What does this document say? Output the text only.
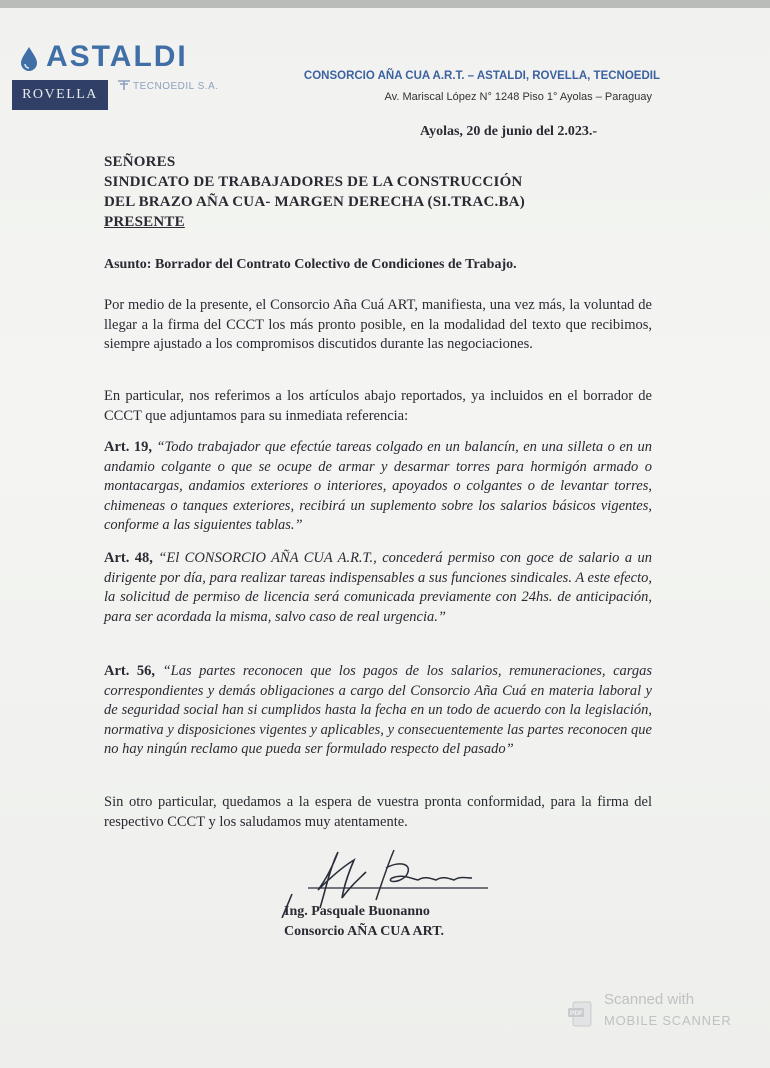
ASTALDI
ROVELLA
TECNOEDIL S.A.
CONSORCIO AÑA CUA A.R.T. – ASTALDI, ROVELLA, TECNOEDIL
Av. Mariscal López N° 1248 Piso 1° Ayolas – Paraguay
Ayolas, 20 de junio del 2.023.-
SEÑORES
SINDICATO DE TRABAJADORES DE LA CONSTRUCCIÓN
DEL BRAZO AÑA CUA- MARGEN DERECHA (SI.TRAC.BA)
PRESENTE
Asunto: Borrador del Contrato Colectivo de Condiciones de Trabajo.
Por medio de la presente, el Consorcio Aña Cuá ART, manifiesta, una vez más, la voluntad de llegar a la firma del CCCT los más pronto posible, en la modalidad del texto que recibimos, siempre ajustado a los compromisos discutidos durante las negociaciones.
En particular, nos referimos a los artículos abajo reportados, ya incluidos en el borrador de CCCT que adjuntamos para su inmediata referencia:
Art. 19, “Todo trabajador que efectúe tareas colgado en un balancín, en una silleta o en un andamio colgante o que se ocupe de armar y desarmar torres para hormigón armado o montacargas, andamios exteriores o interiores, apoyados o colgantes o de levantar torres, chimeneas o tanques exteriores, recibirá un suplemento sobre los salarios básicos vigentes, conforme a las siguientes tablas.”
Art. 48, “El CONSORCIO AÑA CUA A.R.T., concederá permiso con goce de salario a un dirigente por día, para realizar tareas indispensables a sus funciones sindicales. A este efecto, la solicitud de permiso de licencia será comunicada previamente con 24hs. de anticipación, para ser acordada la misma, salvo caso de real urgencia.”
Art. 56, “Las partes reconocen que los pagos de los salarios, remuneraciones, cargas correspondientes y demás obligaciones a cargo del Consorcio Aña Cuá en materia laboral y de seguridad social han si cumplidos hasta la fecha en un todo de acuerdo con la legislación, normativa y disposiciones vigentes y aplicables, y consecuentemente las partes reconocen que no hay ningún reclamo que pueda ser formulado respecto del pasado”
Sin otro particular, quedamos a la espera de vuestra pronta conformidad, para la firma del respectivo CCCT y los saludamos muy atentamente.
Ing. Pasquale Buonanno
Consorcio AÑA CUA ART.
PDF
Scanned with
MOBILE SCANNER
